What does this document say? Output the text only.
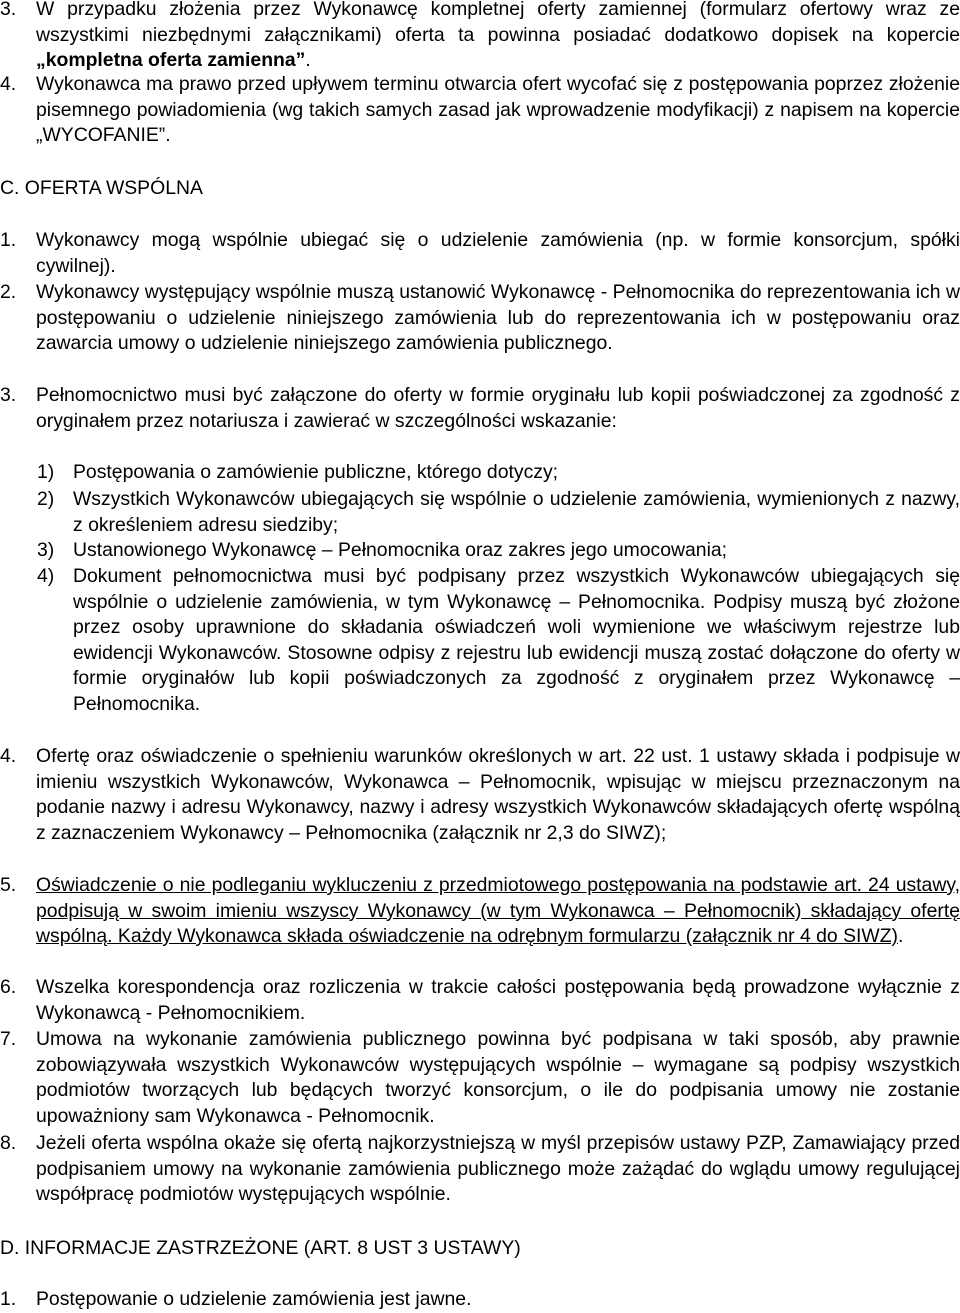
3. W przypadku złożenia przez Wykonawcę kompletnej oferty zamiennej (formularz ofertowy wraz ze wszystkimi niezbędnymi załącznikami) oferta ta powinna posiadać dodatkowo dopisek na kopercie „kompletna oferta zamienna”.
4. Wykonawca ma prawo przed upływem terminu otwarcia ofert wycofać się z postępowania poprzez złożenie pisemnego powiadomienia (wg takich samych zasad jak wprowadzenie modyfikacji) z napisem na kopercie „WYCOFANIE”.
C. OFERTA WSPÓLNA
1. Wykonawcy mogą wspólnie ubiegać się o udzielenie zamówienia (np. w formie konsorcjum, spółki cywilnej).
2. Wykonawcy występujący wspólnie muszą ustanowić Wykonawcę - Pełnomocnika do reprezentowania ich w postępowaniu o udzielenie niniejszego zamówienia lub do reprezentowania ich w postępowaniu oraz zawarcia umowy o udzielenie niniejszego zamówienia publicznego.
3. Pełnomocnictwo musi być załączone do oferty w formie oryginału lub kopii poświadczonej za zgodność z oryginałem przez notariusza i zawierać w szczególności wskazanie:
1) Postępowania o zamówienie publiczne, którego dotyczy;
2) Wszystkich Wykonawców ubiegających się wspólnie o udzielenie zamówienia, wymienionych z nazwy, z określeniem adresu siedziby;
3) Ustanowionego Wykonawcę – Pełnomocnika oraz zakres jego umocowania;
4) Dokument pełnomocnictwa musi być podpisany przez wszystkich Wykonawców ubiegających się wspólnie o udzielenie zamówienia, w tym Wykonawcę – Pełnomocnika. Podpisy muszą być złożone przez osoby uprawnione do składania oświadczeń woli wymienione we właściwym rejestrze lub ewidencji Wykonawców. Stosowne odpisy z rejestru lub ewidencji muszą zostać dołączone do oferty w formie oryginałów lub kopii poświadczonych za zgodność z oryginałem przez Wykonawcę – Pełnomocnika.
4. Ofertę oraz oświadczenie o spełnieniu warunków określonych w art. 22 ust. 1 ustawy składa i podpisuje w imieniu wszystkich Wykonawców, Wykonawca – Pełnomocnik, wpisując w miejscu przeznaczonym na podanie nazwy i adresu Wykonawcy, nazwy i adresy wszystkich Wykonawców składających ofertę wspólną z zaznaczeniem Wykonawcy – Pełnomocnika (załącznik nr 2,3 do SIWZ);
5. Oświadczenie o nie podleganiu wykluczeniu z przedmiotowego postępowania na podstawie art. 24 ustawy, podpisują w swoim imieniu wszyscy Wykonawcy (w tym Wykonawca – Pełnomocnik) składający ofertę wspólną. Każdy Wykonawca składa oświadczenie na odrębnym formularzu (załącznik nr 4 do SIWZ).
6. Wszelka korespondencja oraz rozliczenia w trakcie całości postępowania będą prowadzone wyłącznie z Wykonawcą - Pełnomocnikiem.
7. Umowa na wykonanie zamówienia publicznego powinna być podpisana w taki sposób, aby prawnie zobowiązywała wszystkich Wykonawców występujących wspólnie – wymagane są podpisy wszystkich podmiotów tworzących lub będących tworzyć konsorcjum, o ile do podpisania umowy nie zostanie upoważniony sam Wykonawca - Pełnomocnik.
8. Jeżeli oferta wspólna okaże się ofertą najkorzystniejszą w myśl przepisów ustawy PZP, Zamawiający przed podpisaniem umowy na wykonanie zamówienia publicznego może zażądać do wglądu umowy regulującej współpracę podmiotów występujących wspólnie.
D. INFORMACJE ZASTRZEŻONE (ART. 8 UST 3 USTAWY)
1. Postępowanie o udzielenie zamówienia jest jawne.
